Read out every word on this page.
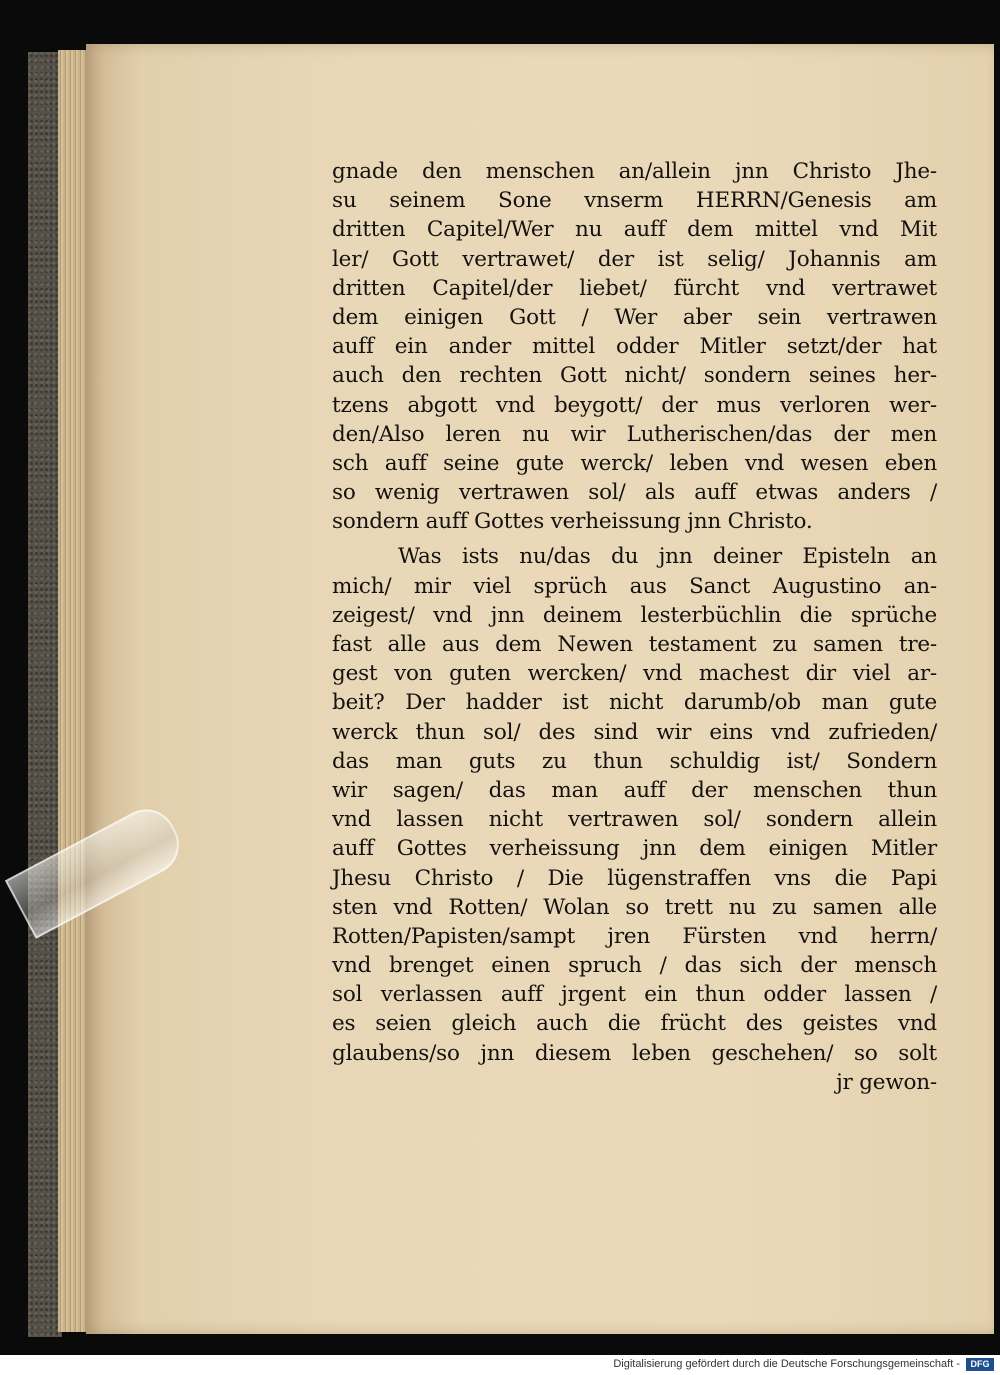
gnade den menschen an/allein jnn Christo Jhe-
su seinem Sone vnserm HERRN/Genesis am
dritten Capitel/Wer nu auff dem mittel vnd Mit
ler/ Gott vertrawet/ der ist selig/ Johannis am
dritten Capitel/der liebet/ fürcht vnd vertrawet
dem einigen Gott / Wer aber sein vertrawen
auff ein ander mittel odder Mitler setzt/der hat
auch den rechten Gott nicht/ sondern seines her-
tzens abgott vnd beygott/ der mus verloren wer-
den/Also leren nu wir Lutherischen/das der men
sch auff seine gute werck/ leben vnd wesen eben
so wenig vertrawen sol/ als auff etwas anders /
sondern auff Gottes verheissung jnn Christo.
Was ists nu/das du jnn deiner Episteln an
mich/ mir viel sprüch aus Sanct Augustino an-
zeigest/ vnd jnn deinem lesterbüchlin die sprüche
fast alle aus dem Newen testament zu samen tre-
gest von guten wercken/ vnd machest dir viel ar-
beit? Der hadder ist nicht darumb/ob man gute
werck thun sol/ des sind wir eins vnd zufrieden/
das man guts zu thun schuldig ist/ Sondern
wir sagen/ das man auff der menschen thun
vnd lassen nicht vertrawen sol/ sondern allein
auff Gottes verheissung jnn dem einigen Mitler
Jhesu Christo / Die lügenstraffen vns die Papi
sten vnd Rotten/ Wolan so trett nu zu samen alle
Rotten/Papisten/sampt jren Fürsten vnd herrn/
vnd brenget einen spruch / das sich der mensch
sol verlassen auff jrgent ein thun odder lassen /
es seien gleich auch die frücht des geistes vnd
glaubens/so jnn diesem leben geschehen/ so solt
jr gewon-
Digitalisierung gefördert durch die Deutsche Forschungsgemeinschaft -	DFG
